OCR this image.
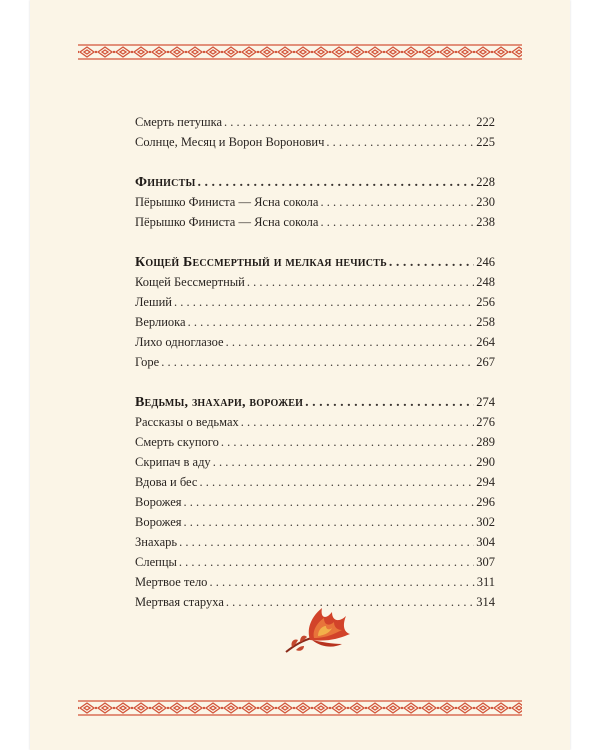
Смерть петушка . . .	222
Солнце, Месяц и Ворон Воронович . . .	225
Финисты . . .	228
Пёрышко Финиста — Ясна сокола . . .	230
Пёрышко Финиста — Ясна сокола . . .	238
Кощей Бессмертный и мелкая нечисть . . .	246
Кощей Бессмертный . . .	248
Леший . . .	256
Верлиока . . .	258
Лихо одноглазое . . .	264
Горе . . .	267
Ведьмы, знахари, ворожеи . . .	274
Рассказы о ведьмах . . .	276
Смерть скупого . . .	289
Скрипач в аду . . .	290
Вдова и бес . . .	294
Ворожея . . .	296
Ворожея . . .	302
Знахарь . . .	304
Слепцы . . .	307
Мертвое тело . . .	311
Мертвая старуха . . .	314
